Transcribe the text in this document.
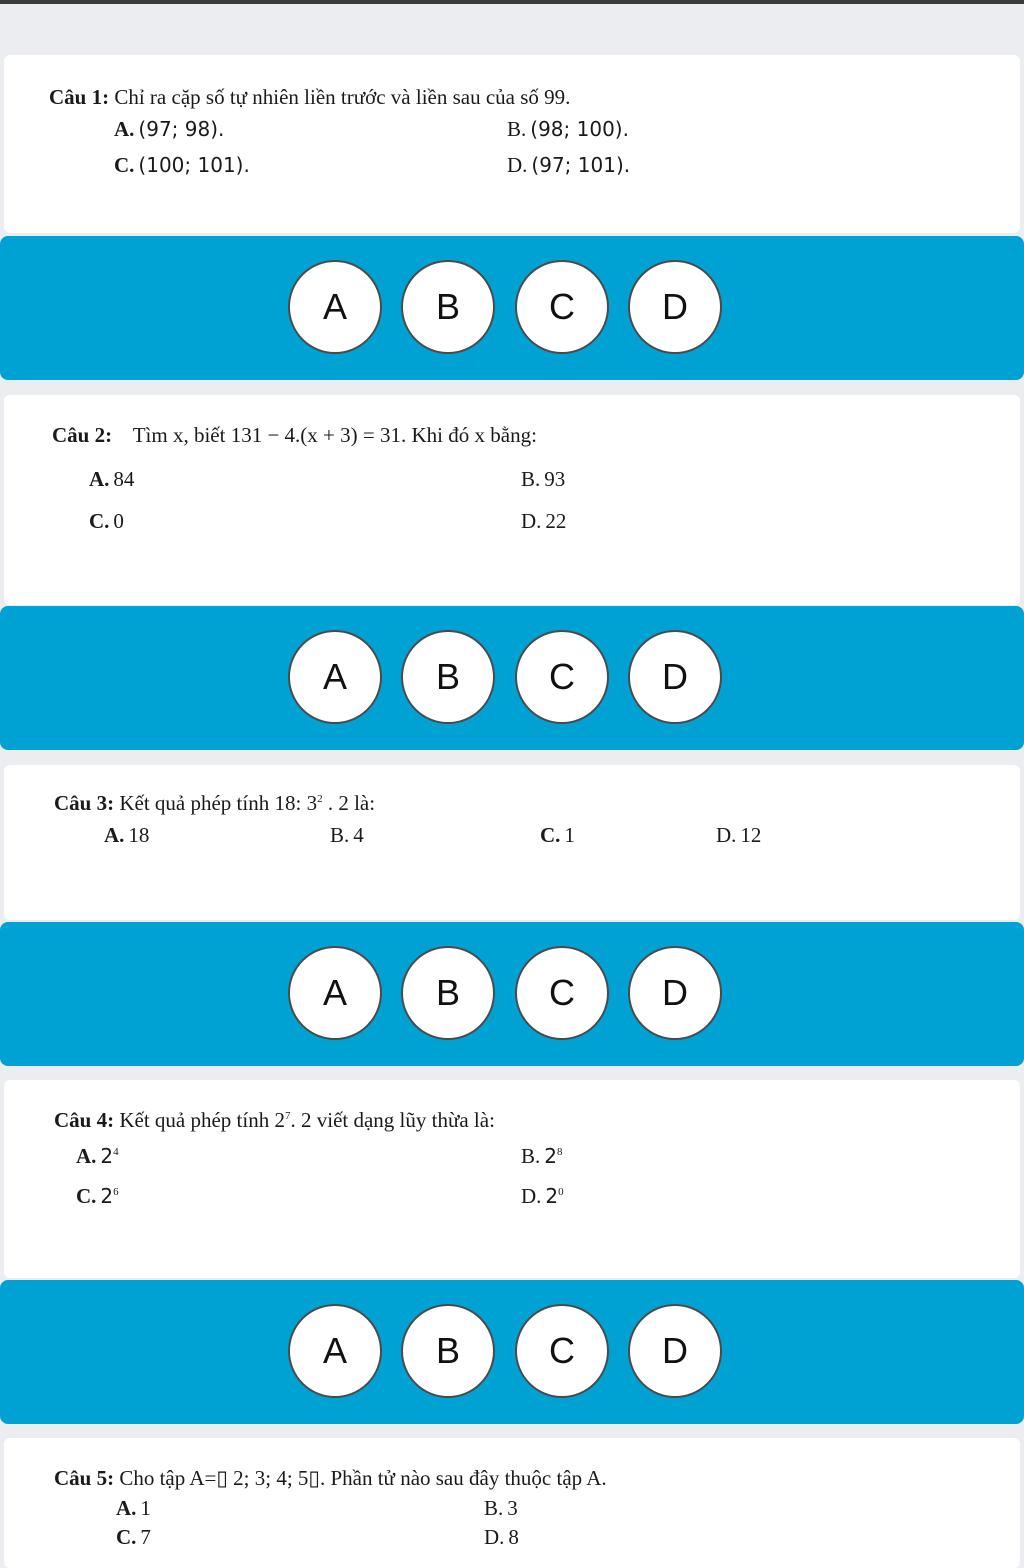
Câu 1: Chỉ ra cặp số tự nhiên liền trước và liền sau của số 99.
A. (97; 98).	B. (98; 100).
C. (100; 101).	D. (97; 101).
A	B	C	D
Câu 2: Tìm x, biết 131 − 4.(x + 3) = 31. Khi đó x bằng:
A. 84	B. 93
C. 0	D. 22
A	B	C	D
Câu 3: Kết quả phép tính 18: $3^2$ . 2 là:
A. 18	B. 4	C. 1	D. 12
A	B	C	D
Câu 4: Kết quả phép tính $2^7$. 2 viết dạng lũy thừa là:
A. $2^4$	B. $2^8$
C. $2^6$	D. $2^0$
A	B	C	D
Câu 5: Cho tập A=▯ 2; 3; 4; 5▯. Phần tử nào sau đây thuộc tập A.
A. 1	B. 3
C. 7	D. 8
